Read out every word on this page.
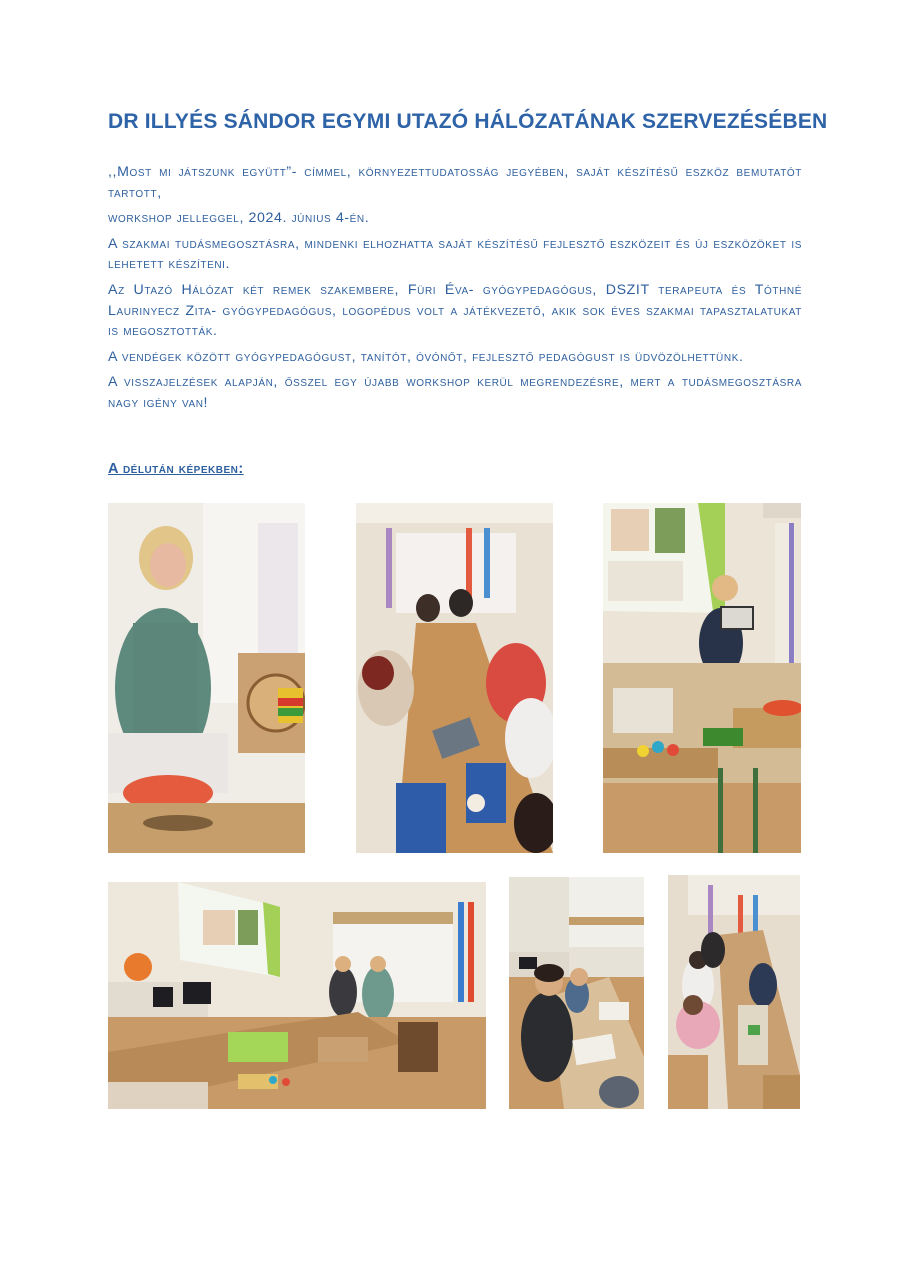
DR ILLYÉS SÁNDOR EGYMI UTAZÓ HÁLÓZATÁNAK SZERVEZÉSÉBEN

,,Most mi játszunk együtt”- címmel, környezettudatosság jegyében, saját készítésű eszköz bemutatót tartott,

workshop jelleggel, 2024. június 4-én.

A szakmai tudásmegosztásra, mindenki elhozhatta saját készítésű fejlesztő eszközeit és új eszközöket is lehetett készíteni.

Az Utazó Hálózat két remek szakembere, Füri Éva- gyógypedagógus, DSZIT terapeuta és Tóthné Laurinyecz Zita- gyógypedagógus, logopédus volt a játékvezető, akik sok éves szakmai tapasztalatukat is megosztották.

A vendégek között gyógypedagógust, tanítót, óvónőt, fejlesztő pedagógust is üdvözölhettünk.

A visszajelzések alapján, ősszel egy újabb workshop kerül megrendezésre, mert a tudásmegosztásra nagy igény van!

A délután képekben:
